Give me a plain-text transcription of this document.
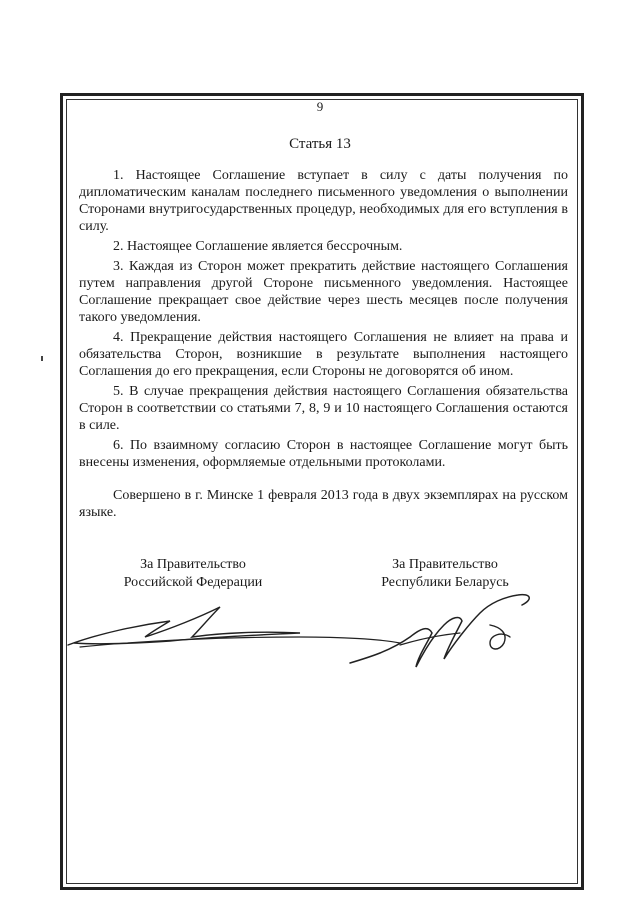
9
Статья 13

1. Настоящее Соглашение вступает в силу с даты получения по дипломатическим каналам последнего письменного уведомления о выполнении Сторонами внутригосударственных процедур, необходимых для его вступления в силу.

2. Настоящее Соглашение является бессрочным.

3. Каждая из Сторон может прекратить действие настоящего Соглашения путем направления другой Стороне письменного уведомления. Настоящее Соглашение прекращает свое действие через шесть месяцев после получения такого уведомления.

4. Прекращение действия настоящего Соглашения не влияет на права и обязательства Сторон, возникшие в результате выполнения настоящего Соглашения до его прекращения, если Стороны не договорятся об ином.

5. В случае прекращения действия настоящего Соглашения обязательства Сторон в соответствии со статьями 7, 8, 9 и 10 настоящего Соглашения остаются в силе.

6. По взаимному согласию Сторон в настоящее Соглашение могут быть внесены изменения, оформляемые отдельными протоколами.

Совершено в г. Минске 1 февраля 2013 года в двух экземплярах на русском языке.

За Правительство
Российской Федерации
За Правительство
Республики Беларусь
